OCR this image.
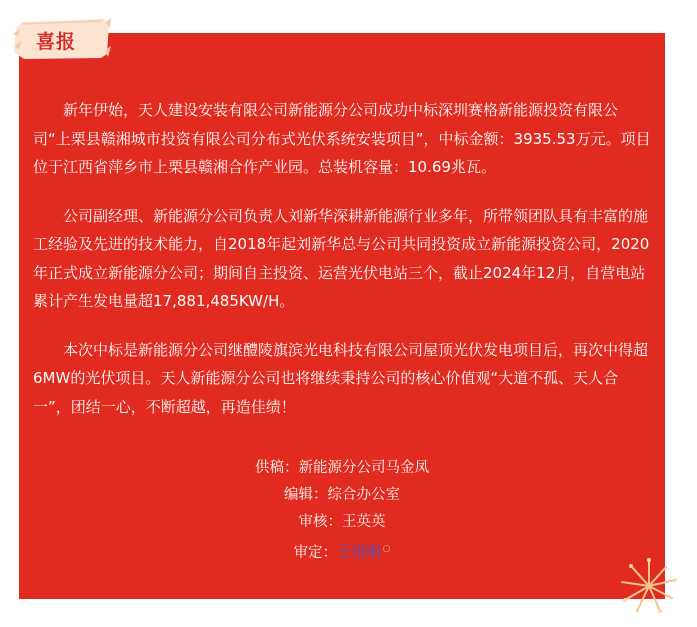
喜报

新年伊始，天人建设安装有限公司新能源分公司成功中标深圳赛格新能源投资有限公司“上栗县赣湘城市投资有限公司分布式光伏系统安装项目”，中标金额：3935.53万元。项目位于江西省萍乡市上栗县赣湘合作产业园。总装机容量：10.69兆瓦。

公司副经理、新能源分公司负责人刘新华深耕新能源行业多年，所带领团队具有丰富的施工经验及先进的技术能力，自2018年起刘新华总与公司共同投资成立新能源投资公司，2020年正式成立新能源分公司；期间自主投资、运营光伏电站三个，截止2024年12月，自营电站累计产生发电量超17,881,485KW/H。

本次中标是新能源分公司继醴陵旗滨光电科技有限公司屋顶光伏发电项目后，再次中得超6MW的光伏项目。天人新能源分公司也将继续秉持公司的核心价值观“大道不孤、天人合一”，团结一心，不断超越，再造佳绩！

供稿：新能源分公司马金凤
编辑：综合办公室
审核：王英英
审定：王崇刚 ○
